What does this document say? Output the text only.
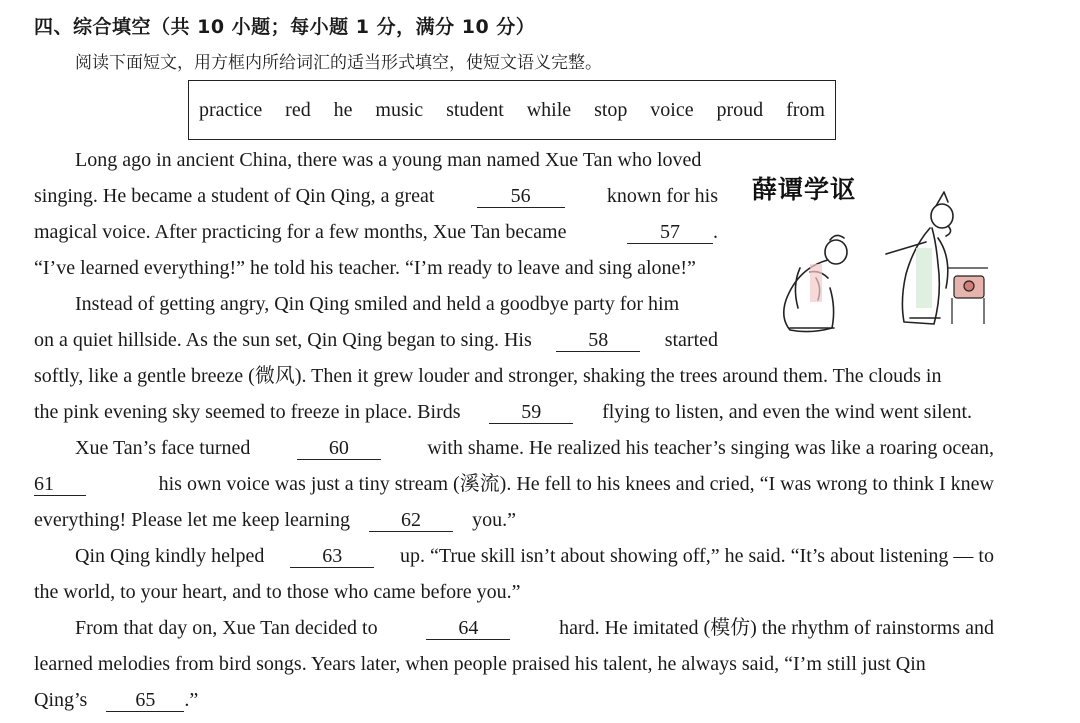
四、综合填空（共 10 小题；每小题 1 分，满分 10 分）
阅读下面短文，用方框内所给词汇的适当形式填空，使短文语义完整。
practice red he music student while stop voice proud from
Long ago in ancient China, there was a young man named Xue Tan who loved
singing. He became a student of Qin Qing, a great	56	known for his
magical voice. After practicing for a few months, Xue Tan became	57	.
“I’ve learned everything!” he told his teacher. “I’m ready to leave and sing alone!”
Instead of getting angry, Qin Qing smiled and held a goodbye party for him
on a quiet hillside. As the sun set, Qin Qing began to sing. His	58	started
softly, like a gentle breeze (微风). Then it grew louder and stronger, shaking the trees around them. The clouds in
the pink evening sky seemed to freeze in place. Birds	59	flying to listen, and even the wind went silent.
Xue Tan’s face turned	60	with shame. He realized his teacher’s singing was like a roaring ocean,
61	his own voice was just a tiny stream (溪流). He fell to his knees and cried, “I was wrong to think I knew
everything! Please let me keep learning	62	you.”
Qin Qing kindly helped	63	up. “True skill isn’t about showing off,” he said. “It’s about listening — to
the world, to your heart, and to those who came before you.”
From that day on, Xue Tan decided to	64	hard. He imitated (模仿) the rhythm of rainstorms and
learned melodies from bird songs. Years later, when people praised his talent, he always said, “I’m still just Qin
Qing’s 65 .”
薛谭学讴
